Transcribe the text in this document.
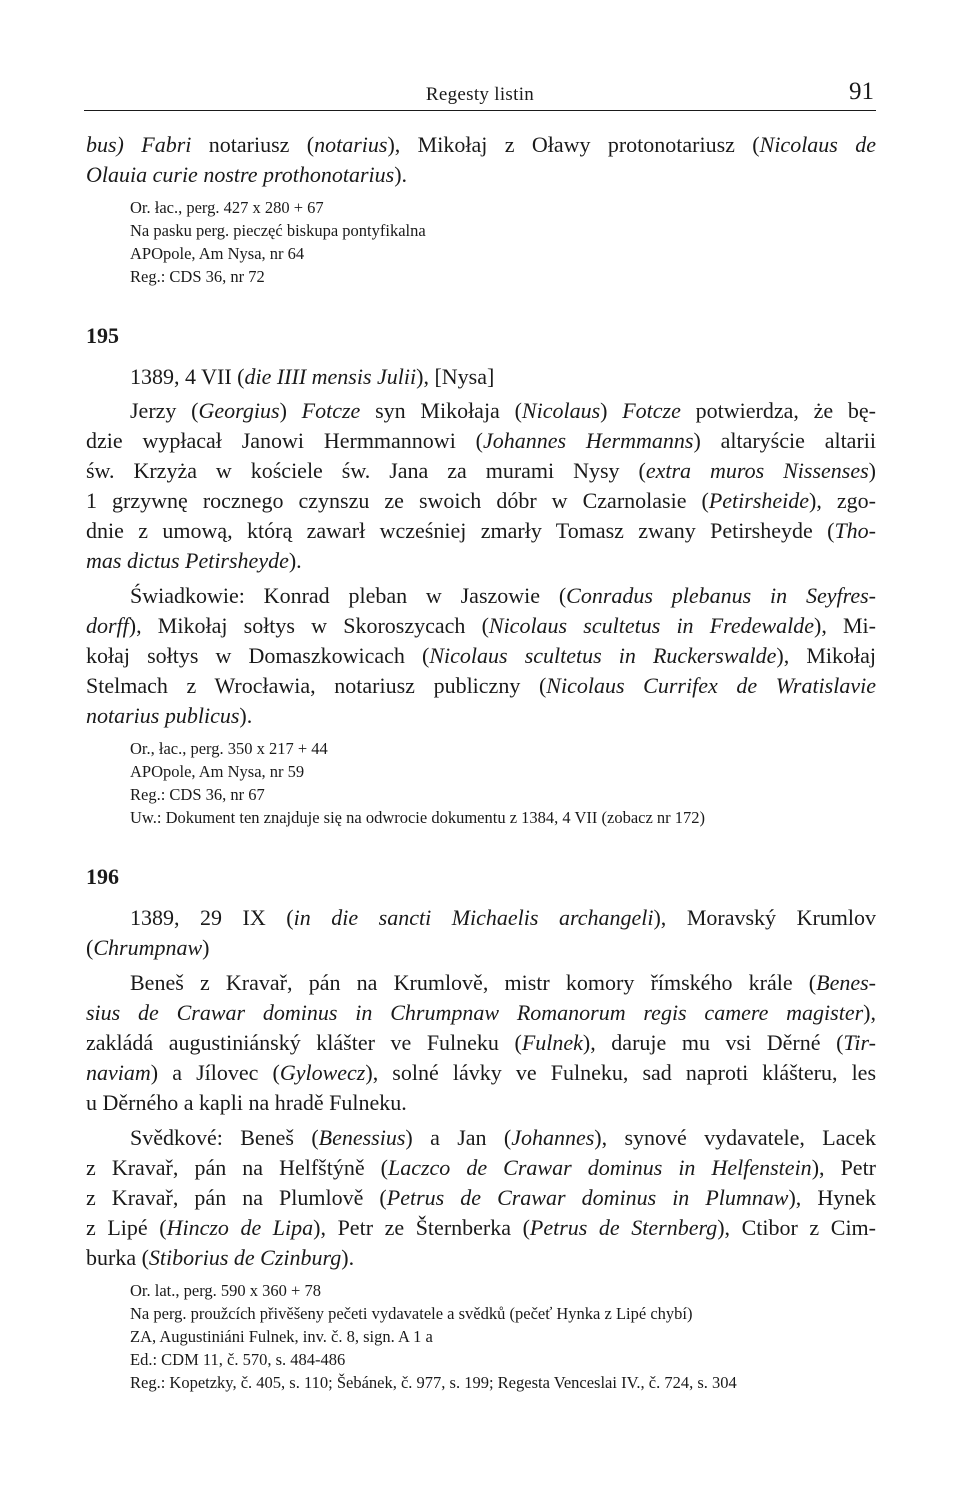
Regesty listin	91

bus) Fabri notariusz (notarius), Mikołaj z Oławy protonotariusz (Nicolaus de
Olauia curie nostre prothonotarius).

Or. łac., perg. 427 x 280 + 67

Na pasku perg. pieczęć biskupa pontyfikalna

APOpole, Am Nysa, nr 64

Reg.: CDS 36, nr 72

195

1389, 4 VII (die IIII mensis Julii), [Nysa]

Jerzy (Georgius) Fotcze syn Mikołaja (Nicolaus) Fotcze potwierdza, że bę-
dzie wypłacał Janowi Hermmannowi (Johannes Hermmanns) altaryście altarii
św. Krzyża w kościele św. Jana za murami Nysy (extra muros Nissenses)
1 grzywnę rocznego czynszu ze swoich dóbr w Czarnolasie (Petirsheide), zgo-
dnie z umową, którą zawarł wcześniej zmarły Tomasz zwany Petirsheyde (Tho-
mas dictus Petirsheyde).

Świadkowie: Konrad pleban w Jaszowie (Conradus plebanus in Seyfres-
dorff), Mikołaj sołtys w Skoroszycach (Nicolaus scultetus in Fredewalde), Mi-
kołaj sołtys w Domaszkowicach (Nicolaus scultetus in Ruckerswalde), Mikołaj
Stelmach z Wrocławia, notariusz publiczny (Nicolaus Currifex de Wratislavie
notarius publicus).

Or., łac., perg. 350 x 217 + 44

APOpole, Am Nysa, nr 59

Reg.: CDS 36, nr 67

Uw.: Dokument ten znajduje się na odwrocie dokumentu z 1384, 4 VII (zobacz nr 172)

196

1389, 29 IX (in die sancti Michaelis archangeli), Moravský Krumlov
(Chrumpnaw)

Beneš z Kravař, pán na Krumlově, mistr komory římského krále (Benes-
sius de Crawar dominus in Chrumpnaw Romanorum regis camere magister),
zakládá augustiniánský klášter ve Fulneku (Fulnek), daruje mu vsi Děrné (Tir-
naviam) a Jílovec (Gylowecz), solné lávky ve Fulneku, sad naproti klášteru, les
u Děrného a kapli na hradě Fulneku.

Svědkové: Beneš (Benessius) a Jan (Johannes), synové vydavatele, Lacek
z Kravař, pán na Helfštýně (Laczco de Crawar dominus in Helfenstein), Petr
z Kravař, pán na Plumlově (Petrus de Crawar dominus in Plumnaw), Hynek
z Lipé (Hinczo de Lipa), Petr ze Šternberka (Petrus de Sternberg), Ctibor z Cim-
burka (Stiborius de Czinburg).

Or. lat., perg. 590 x 360 + 78

Na perg. proužcích přivěšeny pečeti vydavatele a svědků (pečeť Hynka z Lipé chybí)

ZA, Augustiniáni Fulnek, inv. č. 8, sign. A 1 a

Ed.: CDM 11, č. 570, s. 484-486

Reg.: Kopetzky, č. 405, s. 110; Šebánek, č. 977, s. 199; Regesta Venceslai IV., č. 724, s. 304
